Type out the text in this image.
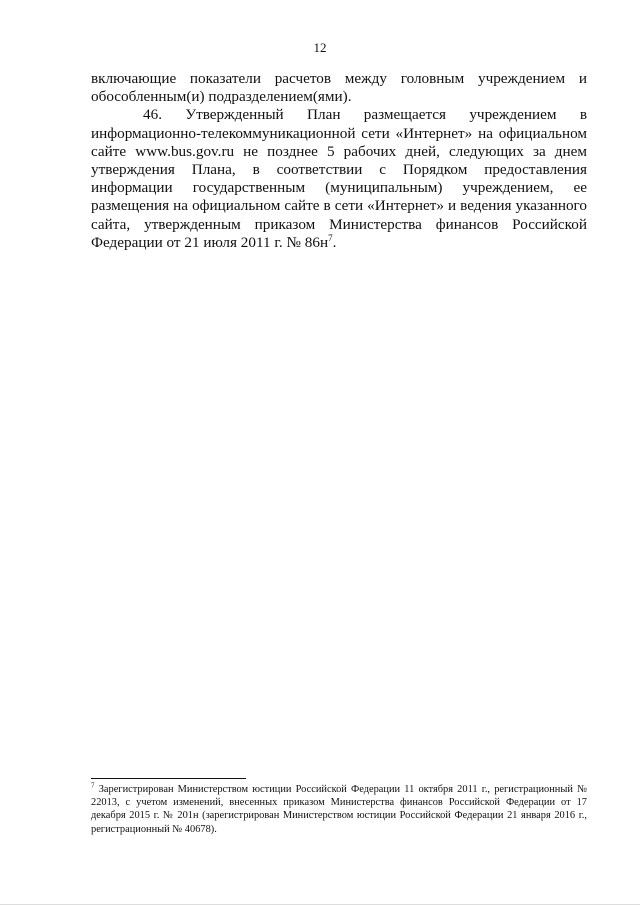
12

включающие показатели расчетов между головным учреждением и обособленным(и) подразделением(ями).

46. Утвержденный План размещается учреждением в информационно-телекоммуникационной сети «Интернет» на официальном сайте www.bus.gov.ru не позднее 5 рабочих дней, следующих за днем утверждения Плана, в соответствии с Порядком предоставления информации государственным (муниципальным) учреждением, ее размещения на официальном сайте в сети «Интернет» и ведения указанного сайта, утвержденным приказом Министерства финансов Российской Федерации от 21 июля 2011 г. № $86н^7$.

$^7$ Зарегистрирован Министерством юстиции Российской Федерации 11 октября 2011 г., регистрационный № 22013, с учетом изменений, внесенных приказом Министерства финансов Российской Федерации от 17 декабря 2015 г. № 201н (зарегистрирован Министерством юстиции Российской Федерации 21 января 2016 г., регистрационный № 40678).
